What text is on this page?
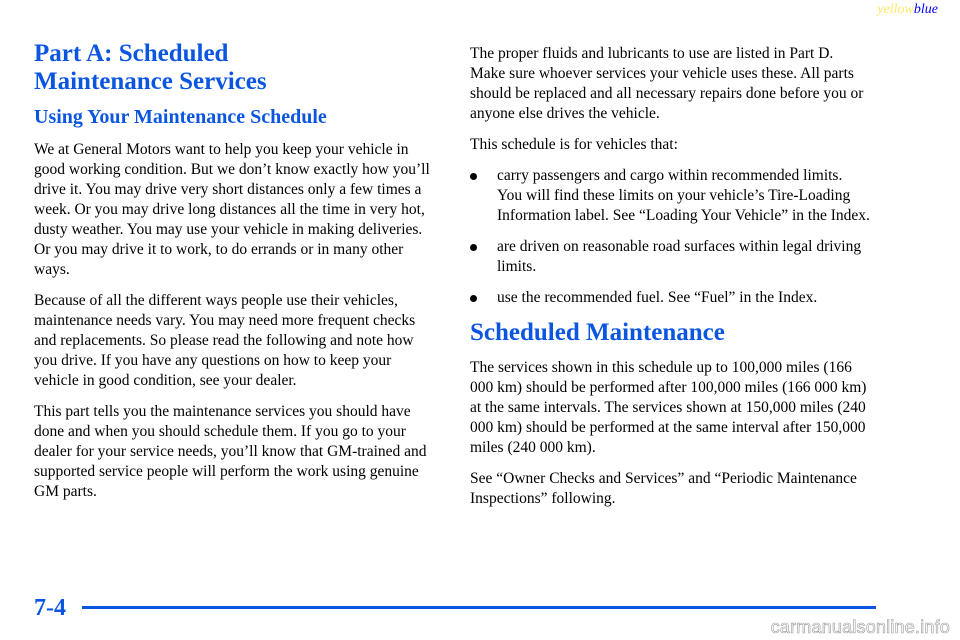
yellowblue
Part A: Scheduled
Maintenance Services
Using Your Maintenance Schedule

We at General Motors want to help you keep your vehicle in good working condition. But we don’t know exactly how you’ll drive it. You may drive very short distances only a few times a week. Or you may drive long distances all the time in very hot, dusty weather. You may use your vehicle in making deliveries. Or you may drive it to work, to do errands or in many other ways.

Because of all the different ways people use their vehicles, maintenance needs vary. You may need more frequent checks and replacements. So please read the following and note how you drive. If you have any questions on how to keep your vehicle in good condition, see your dealer.

This part tells you the maintenance services you should have done and when you should schedule them. If you go to your dealer for your service needs, you’ll know that GM‑trained and supported service people will perform the work using genuine GM parts.

The proper fluids and lubricants to use are listed in Part D. Make sure whoever services your vehicle uses these. All parts should be replaced and all necessary repairs done before you or anyone else drives the vehicle.

This schedule is for vehicles that:

carry passengers and cargo within recommended limits. You will find these limits on your vehicle’s Tire‑Loading Information label. See “Loading Your Vehicle” in the Index.
are driven on reasonable road surfaces within legal driving limits.
use the recommended fuel. See “Fuel” in the Index.
Scheduled Maintenance

The services shown in this schedule up to 100,000 miles (166 000 km) should be performed after 100,000 miles (166 000 km) at the same intervals. The services shown at 150,000 miles (240 000 km) should be performed at the same interval after 150,000 miles (240 000 km).

See “Owner Checks and Services” and “Periodic Maintenance Inspections” following.

7-4
carmanualsonline.info
